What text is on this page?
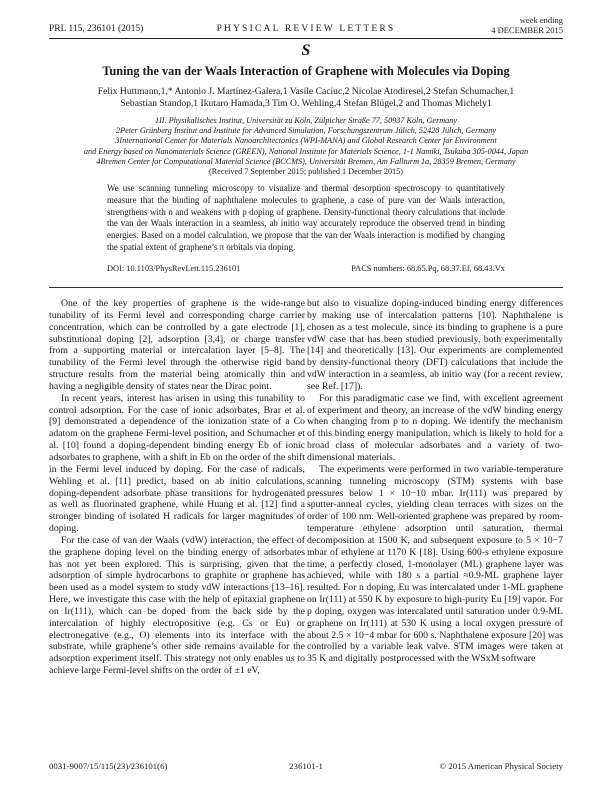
PRL 115, 236101 (2015)	PHYSICAL REVIEW LETTERS
week ending
4 DECEMBER 2015
S
Tuning the van der Waals Interaction of Graphene with Molecules via Doping
Felix Huttmann,1,* Antonio J. Martínez-Galera,1 Vasile Caciuc,2 Nicolae Atodiresei,2 Stefan Schumacher,1
Sebastian Standop,1 Ikutaro Hamada,3 Tim O. Wehling,4 Stefan Blügel,2 and Thomas Michely1
1II. Physikalisches Institut, Universität zu Köln, Zülpicher Straße 77, 50937 Köln, Germany
2Peter Grünberg Institut and Institute for Advanced Simulation, Forschungszentrum Jülich, 52428 Jülich, Germany
3International Center for Materials Nanoarchitectonics (WPI-MANA) and Global Research Center for Environment
and Energy based on Nanomaterials Science (GREEN), National Institute for Materials Science, 1-1 Namiki, Tsukuba 305-0044, Japan
4Bremen Center for Computational Material Science (BCCMS), Universität Bremen, Am Fallturm 1a, 28359 Bremen, Germany
(Received 7 September 2015; published 1 December 2015)
We use scanning tunneling microscopy to visualize and thermal desorption spectroscopy to quantitatively measure that the binding of naphthalene molecules to graphene, a case of pure van der Waals interaction, strengthens with n and weakens with p doping of graphene. Density-functional theory calculations that include the van der Waals interaction in a seamless, ab initio way accurately reproduce the observed trend in binding energies. Based on a model calculation, we propose that the van der Waals interaction is modified by changing the spatial extent of graphene’s π orbitals via doping.
DOI: 10.1103/PhysRevLett.115.236101	PACS numbers: 68.65.Pq, 68.37.Ef, 68.43.Vx

One of the key properties of graphene is the wide-range tunability of its Fermi level and corresponding charge carrier concentration, which can be controlled by a gate electrode [1], substitutional doping [2], adsorption [3,4], or charge transfer from a supporting material or intercalation layer [5–8]. The tunability of the Fermi level through the otherwise rigid band structure results from the material being atomically thin and having a negligible density of states near the Dirac point.

In recent years, interest has arisen in using this tunability to control adsorption. For the case of ionic adsorbates, Brar et al. [9] demonstrated a dependence of the ionization state of a Co adatom on the graphene Fermi-level position, and Schumacher et al. [10] found a doping-dependent binding energy Eb of ionic adsorbates to graphene, with a shift in Eb on the order of the shift in the Fermi level induced by doping. For the case of radicals, Wehling et al. [11] predict, based on ab initio calculations, doping-dependent adsorbate phase transitions for hydrogenated as well as fluorinated graphene, while Huang et al. [12] find a stronger binding of isolated H radicals for larger magnitudes of doping.

For the case of van der Waals (vdW) interaction, the effect of the graphene doping level on the binding energy of adsorbates has not yet been explored. This is surprising, given that the adsorption of simple hydrocarbons to graphite or graphene has been used as a model system to study vdW interactions [13–16]. Here, we investigate this case with the help of epitaxial graphene on Ir(111), which can be doped from the back side by the intercalation of highly electropositive (e.g. Cs or Eu) or electronegative (e.g., O) elements into its interface with the substrate, while graphene’s other side remains available for the adsorption experiment itself. This strategy not only enables us to achieve large Fermi-level shifts on the order of ±1 eV,

but also to visualize doping-induced binding energy differences by making use of intercalation patterns [10]. Naphthalene is chosen as a test molecule, since its binding to graphene is a pure vdW case that has been studied previously, both experimentally [14] and theoretically [13]. Our experiments are complemented by density-functional theory (DFT) calculations that include the vdW interaction in a seamless, ab initio way (for a recent review, see Ref. [17]).

For this paradigmatic case we find, with excellent agreement of experiment and theory, an increase of the vdW binding energy when changing from p to n doping. We identify the mechanism of this binding energy manipulation, which is likely to hold for a broad class of molecular adsorbates and a variety of two-dimensional materials.

The experiments were performed in two variable-temperature scanning tunneling microscopy (STM) systems with base pressures below 1 × 10−10 mbar. Ir(111) was prepared by sputter-anneal cycles, yielding clean terraces with sizes on the order of 100 nm. Well-oriented graphene was prepared by room-temperature ethylene adsorption until saturation, thermal decomposition at 1500 K, and subsequent exposure to 5 × 10−7 mbar of ethylene at 1170 K [18]. Using 600-s ethylene exposure time, a perfectly closed, 1-monolayer (ML) graphene layer was achieved, while with 180 s a partial ≈0.9-ML graphene layer resulted. For n doping, Eu was intercalated under 1-ML graphene on Ir(111) at 550 K by exposure to high-purity Eu [19] vapor. For p doping, oxygen was intercalated until saturation under 0.9-ML graphene on Ir(111) at 530 K using a local oxygen pressure of about 2.5 × 10−4 mbar for 600 s. Naphthalene exposure [20] was controlled by a variable leak valve. STM images were taken at 35 K and digitally postprocessed with the WSxM software

0031-9007/15/115(23)/236101(6)	236101-1	© 2015 American Physical Society
